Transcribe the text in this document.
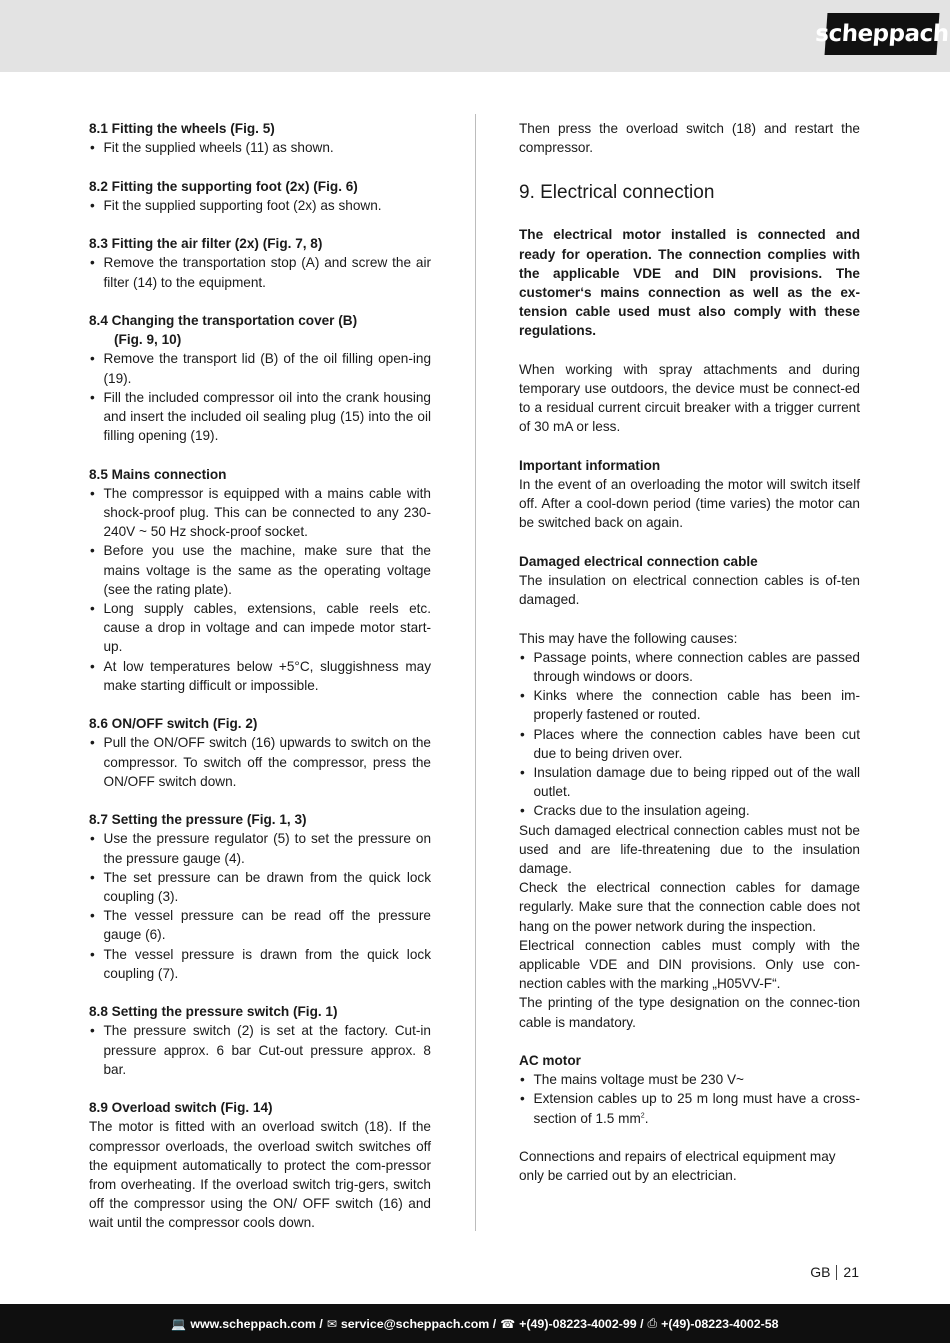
scheppach
8.1 Fitting the wheels (Fig. 5)
• Fit the supplied wheels (11) as shown.
8.2 Fitting the supporting foot (2x) (Fig. 6)
• Fit the supplied supporting foot (2x) as shown.
8.3 Fitting the air filter (2x) (Fig. 7, 8)
• Remove the transportation stop (A) and screw the air filter (14) to the equipment.
8.4 Changing the transportation cover (B)
(Fig. 9, 10)
• Remove the transport lid (B) of the oil filling open-ing (19).
• Fill the included compressor oil into the crank housing and insert the included oil sealing plug (15) into the oil filling opening (19).
8.5 Mains connection
• The compressor is equipped with a mains cable with shock-proof plug. This can be connected to any 230-240V ~ 50 Hz shock-proof socket.
• Before you use the machine, make sure that the mains voltage is the same as the operating voltage (see the rating plate).
• Long supply cables, extensions, cable reels etc. cause a drop in voltage and can impede motor start-up.
• At low temperatures below +5°C, sluggishness may make starting difficult or impossible.
8.6 ON/OFF switch (Fig. 2)
• Pull the ON/OFF switch (16) upwards to switch on the compressor. To switch off the compressor, press the ON/OFF switch down.
8.7 Setting the pressure (Fig. 1, 3)
• Use the pressure regulator (5) to set the pressure on the pressure gauge (4).
• The set pressure can be drawn from the quick lock coupling (3).
• The vessel pressure can be read off the pressure gauge (6).
• The vessel pressure is drawn from the quick lock coupling (7).
8.8 Setting the pressure switch (Fig. 1)
• The pressure switch (2) is set at the factory. Cut-in pressure approx. 6 bar Cut-out pressure approx. 8 bar.
8.9 Overload switch (Fig. 14)

The motor is fitted with an overload switch (18). If the compressor overloads, the overload switch switches off the equipment automatically to protect the com-pressor from overheating. If the overload switch trig-gers, switch off the compressor using the ON/ OFF switch (16) and wait until the compressor cools down.

Then press the overload switch (18) and restart the compressor.

9. Electrical connection

The electrical motor installed is connected and ready for operation. The connection complies with the applicable VDE and DIN provisions. The customer‘s mains connection as well as the ex-tension cable used must also comply with these regulations.

When working with spray attachments and during temporary use outdoors, the device must be connect-ed to a residual current circuit breaker with a trigger current of 30 mA or less.

Important information

In the event of an overloading the motor will switch itself off. After a cool-down period (time varies) the motor can be switched back on again.

Damaged electrical connection cable

The insulation on electrical connection cables is of-ten damaged.

This may have the following causes:

• Passage points, where connection cables are passed through windows or doors.
• Kinks where the connection cable has been im-properly fastened or routed.
• Places where the connection cables have been cut due to being driven over.
• Insulation damage due to being ripped out of the wall outlet.
• Cracks due to the insulation ageing.

Such damaged electrical connection cables must not be used and are life-threatening due to the insulation damage.

Check the electrical connection cables for damage regularly. Make sure that the connection cable does not hang on the power network during the inspection.

Electrical connection cables must comply with the applicable VDE and DIN provisions. Only use con-nection cables with the marking „H05VV-F“.

The printing of the type designation on the connec-tion cable is mandatory.

AC motor
• The mains voltage must be 230 V~
• Extension cables up to 25 m long must have a cross-section of 1.5 $mm^2$.

Connections and repairs of electrical equipment may only be carried out by an electrician.

GB 21
💻 www.scheppach.com / ✉ service@scheppach.com / ☎ +(49)-08223-4002-99 / ⎙ +(49)-08223-4002-58
